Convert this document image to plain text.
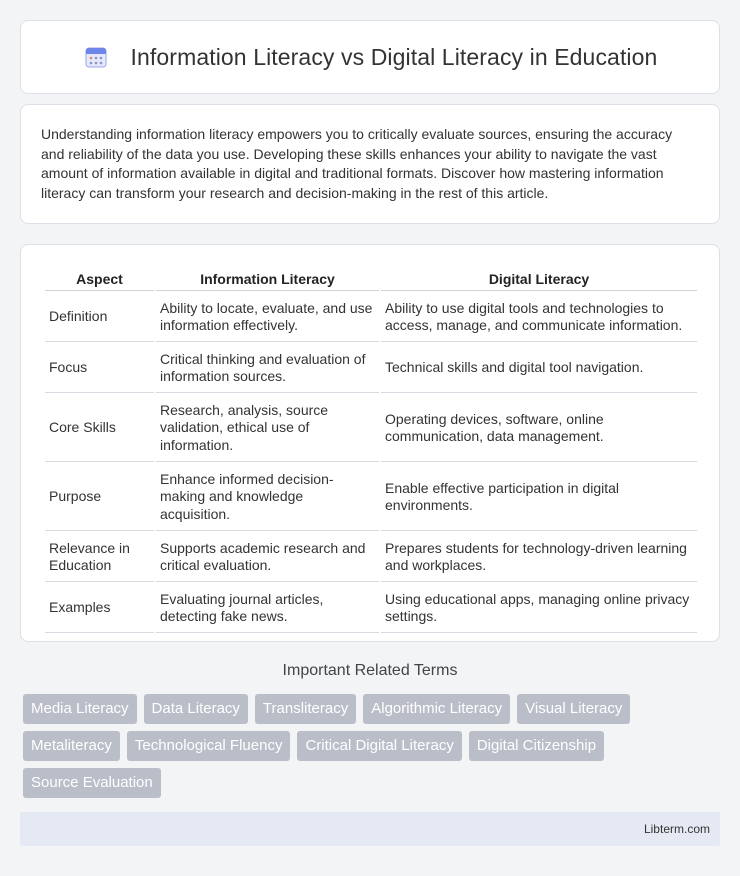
Information Literacy vs Digital Literacy in Education

Understanding information literacy empowers you to critically evaluate sources, ensuring the accuracy and reliability of the data you use. Developing these skills enhances your ability to navigate the vast amount of information available in digital and traditional formats. Discover how mastering information literacy can transform your research and decision-making in the rest of this article.

Aspect	Information Literacy	Digital Literacy
Definition	Ability to locate, evaluate, and use information effectively.	Ability to use digital tools and technologies to access, manage, and communicate information.
Focus	Critical thinking and evaluation of information sources.	Technical skills and digital tool navigation.
Core Skills	Research, analysis, source validation, ethical use of information.	Operating devices, software, online communication, data management.
Purpose	Enhance informed decision-making and knowledge acquisition.	Enable effective participation in digital environments.
Relevance in Education	Supports academic research and critical evaluation.	Prepares students for technology-driven learning and workplaces.
Examples	Evaluating journal articles, detecting fake news.	Using educational apps, managing online privacy settings.
Important Related Terms
Media Literacy	Data Literacy	Transliteracy	Algorithmic Literacy	Visual Literacy
Metaliteracy	Technological Fluency	Critical Digital Literacy	Digital Citizenship
Source Evaluation
Libterm.com
